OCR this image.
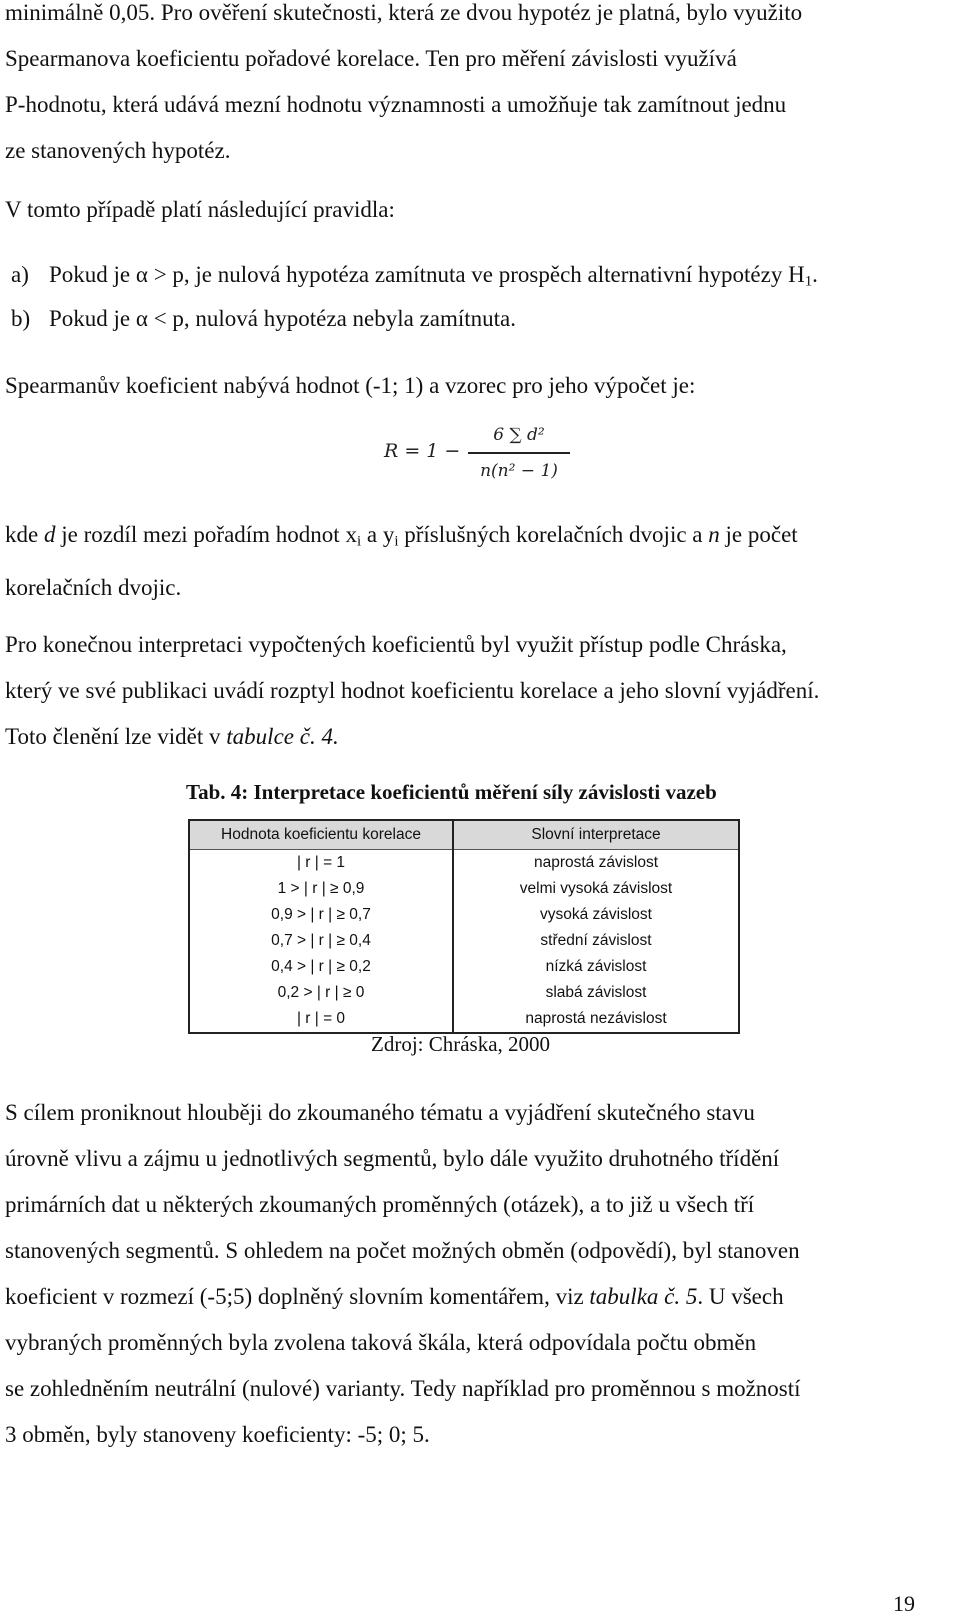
minimálně 0,05. Pro ověření skutečnosti, která ze dvou hypotéz je platná, bylo využito
Spearmanova koeficientu pořadové korelace. Ten pro měření závislosti využívá
P-hodnotu, která udává mezní hodnotu významnosti a umožňuje tak zamítnout jednu
ze stanovených hypotéz.
V tomto případě platí následující pravidla:
a) Pokud je α > p, je nulová hypotéza zamítnuta ve prospěch alternativní hypotézy $H_1$.
b) Pokud je α < p, nulová hypotéza nebyla zamítnuta.
Spearmanův koeficient nabývá hodnot (-1; 1) a vzorec pro jeho výpočet je:
R = 1 −
6 ∑ d²
n(n² − 1)
kde d je rozdíl mezi pořadím hodnot $x_i$ a $y_i$ příslušných korelačních dvojic a n je počet
korelačních dvojic.
Pro konečnou interpretaci vypočtených koeficientů byl využit přístup podle Chráska,
který ve své publikaci uvádí rozptyl hodnot koeficientu korelace a jeho slovní vyjádření.
Toto členění lze vidět v tabulce č. 4.
Tab. 4: Interpretace koeficientů měření síly závislosti vazeb
Hodnota koeficientu korelace	Slovní interpretace
| r | = 1	naprostá závislost
1 > | r | ≥ 0,9	velmi vysoká závislost
0,9 > | r | ≥ 0,7	vysoká závislost
0,7 > | r | ≥ 0,4	střední závislost
0,4 > | r | ≥ 0,2	nízká závislost
0,2 > | r | ≥ 0	slabá závislost
| r | = 0	naprostá nezávislost
Zdroj: Chráska, 2000
S cílem proniknout hlouběji do zkoumaného tématu a vyjádření skutečného stavu
úrovně vlivu a zájmu u jednotlivých segmentů, bylo dále využito druhotného třídění
primárních dat u některých zkoumaných proměnných (otázek), a to již u všech tří
stanovených segmentů. S ohledem na počet možných obměn (odpovědí), byl stanoven
koeficient v rozmezí (-5;5) doplněný slovním komentářem, viz tabulka č. 5. U všech
vybraných proměnných byla zvolena taková škála, která odpovídala počtu obměn
se zohledněním neutrální (nulové) varianty. Tedy například pro proměnnou s možností
3 obměn, byly stanoveny koeficienty: -5; 0; 5.
19
